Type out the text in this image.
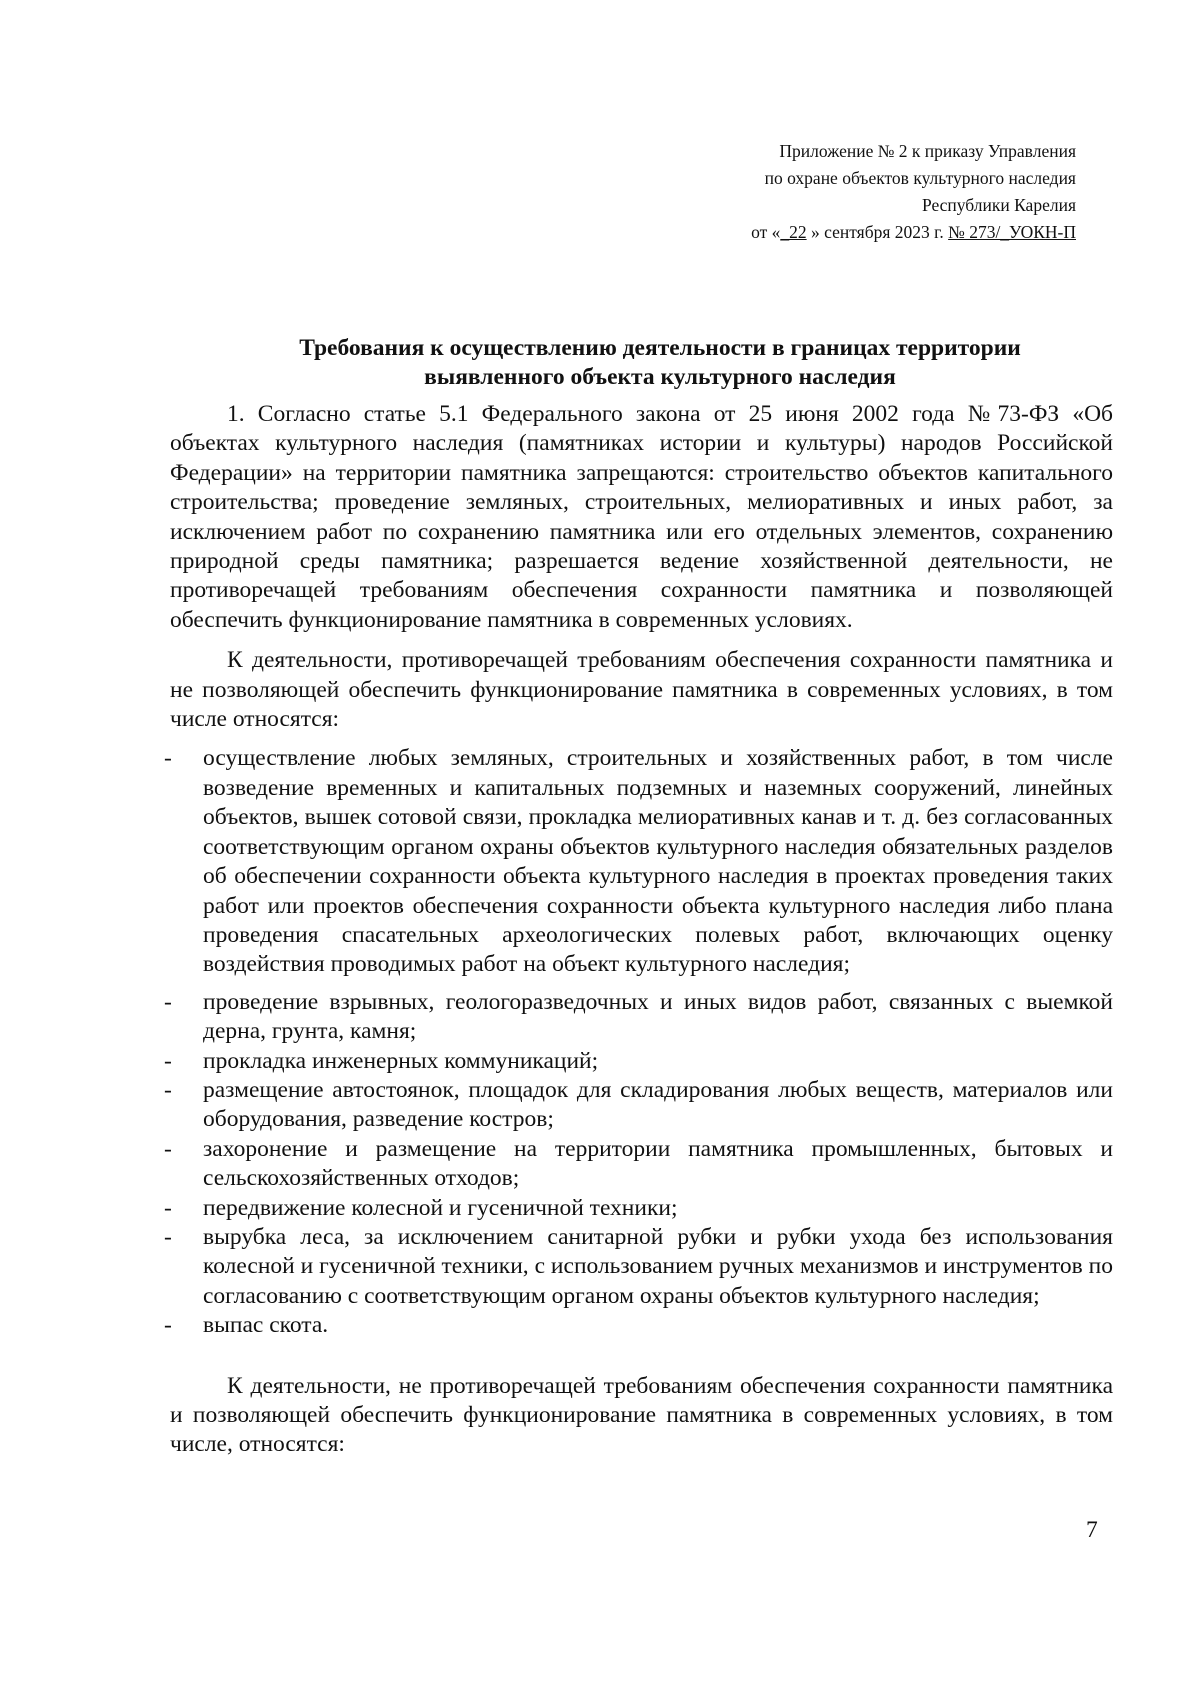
Приложение № 2 к приказу Управления
по охране объектов культурного наследия
Республики Карелия
от «_22 » сентября 2023 г. № 273/_УОКН-П
Требования к осуществлению деятельности в границах территории
выявленного объекта культурного наследия

1. Согласно статье 5.1 Федерального закона от 25 июня 2002 года №73-ФЗ «Об объектах культурного наследия (памятниках истории и культуры) народов Российской Федерации» на территории памятника запрещаются: строительство объектов капитального строительства; проведение земляных, строительных, мелиоративных и иных работ, за исключением работ по сохранению памятника или его отдельных элементов, сохранению природной среды памятника; разрешается ведение хозяйственной деятельности, не противоречащей требованиям обеспечения сохранности памятника и позволяющей обеспечить функционирование памятника в современных условиях.

К деятельности, противоречащей требованиям обеспечения сохранности памятника и не позволяющей обеспечить функционирование памятника в современных условиях, в том числе относятся:

- осуществление любых земляных, строительных и хозяйственных работ, в том числе возведение временных и капитальных подземных и наземных сооружений, линейных объектов, вышек сотовой связи, прокладка мелиоративных канав и т. д. без согласованных соответствующим органом охраны объектов культурного наследия обязательных разделов об обеспечении сохранности объекта культурного наследия в проектах проведения таких работ или проектов обеспечения сохранности объекта культурного наследия либо плана проведения спасательных археологических полевых работ, включающих оценку воздействия проводимых работ на объект культурного наследия;
- проведение взрывных, геологоразведочных и иных видов работ, связанных с выемкой дерна, грунта, камня;
- прокладка инженерных коммуникаций;
- размещение автостоянок, площадок для складирования любых веществ, материалов или оборудования, разведение костров;
- захоронение и размещение на территории памятника промышленных, бытовых и сельскохозяйственных отходов;
- передвижение колесной и гусеничной техники;
- вырубка леса, за исключением санитарной рубки и рубки ухода без использования колесной и гусеничной техники, с использованием ручных механизмов и инструментов по согласованию с соответствующим органом охраны объектов культурного наследия;
- выпас скота.

К деятельности, не противоречащей требованиям обеспечения сохранности памятника и позволяющей обеспечить функционирование памятника в современных условиях, в том числе, относятся:

7
